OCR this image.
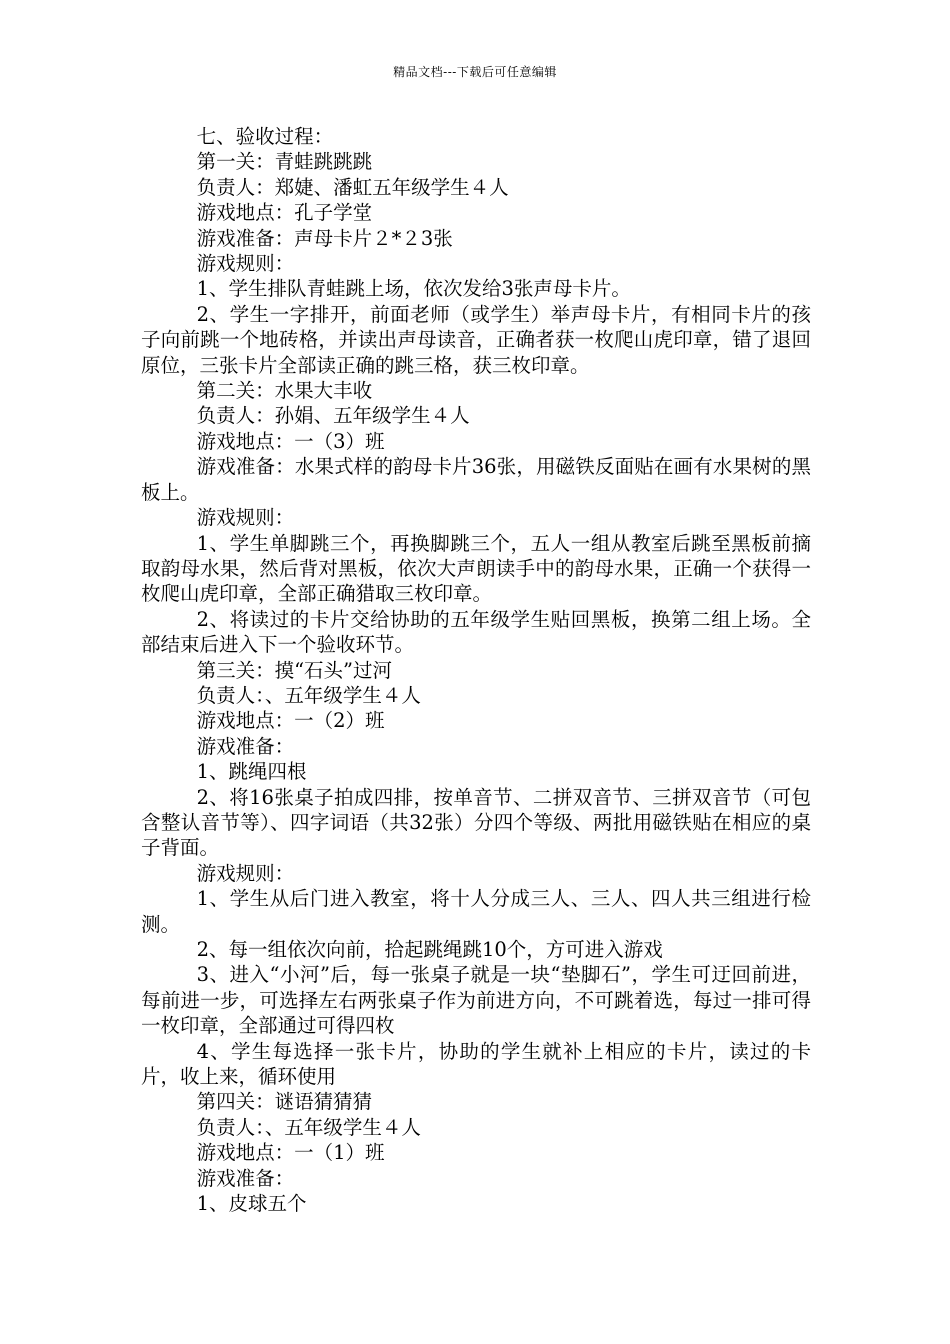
精品文档---下载后可任意编辑

七、验收过程：

第一关：青蛙跳跳跳

负责人：郑婕、潘虹五年级学生４人

游戏地点：孔子学堂

游戏准备：声母卡片２*２3张

游戏规则：

1、学生排队青蛙跳上场，依次发给3张声母卡片。

2、学生一字排开，前面老师（或学生）举声母卡片，有相同卡片的孩子向前跳一个地砖格，并读出声母读音，正确者获一枚爬山虎印章，错了退回原位，三张卡片全部读正确的跳三格，获三枚印章。

第二关：水果大丰收

负责人：孙娟、五年级学生４人

游戏地点：一（3）班

游戏准备：水果式样的韵母卡片36张，用磁铁反面贴在画有水果树的黑板上。

游戏规则：

1、学生单脚跳三个，再换脚跳三个，五人一组从教室后跳至黑板前摘取韵母水果，然后背对黑板，依次大声朗读手中的韵母水果，正确一个获得一枚爬山虎印章，全部正确猎取三枚印章。

2、将读过的卡片交给协助的五年级学生贴回黑板，换第二组上场。全部结束后进入下一个验收环节。

第三关：摸“石头”过河

负责人：、五年级学生４人

游戏地点：一（2）班

游戏准备：

1、跳绳四根

2、将16张桌子拍成四排，按单音节、二拼双音节、三拼双音节（可包含整认音节等）、四字词语（共32张）分四个等级、两批用磁铁贴在相应的桌子背面。

游戏规则：

1、学生从后门进入教室，将十人分成三人、三人、四人共三组进行检测。

2、每一组依次向前，拾起跳绳跳10个，方可进入游戏

3、进入“小河”后，每一张桌子就是一块“垫脚石”，学生可迂回前进，每前进一步，可选择左右两张桌子作为前进方向，不可跳着选，每过一排可得一枚印章，全部通过可得四枚

4、学生每选择一张卡片，协助的学生就补上相应的卡片，读过的卡片，收上来，循环使用

第四关：谜语猜猜猜

负责人：、五年级学生４人

游戏地点：一（1）班

游戏准备：

1、皮球五个
